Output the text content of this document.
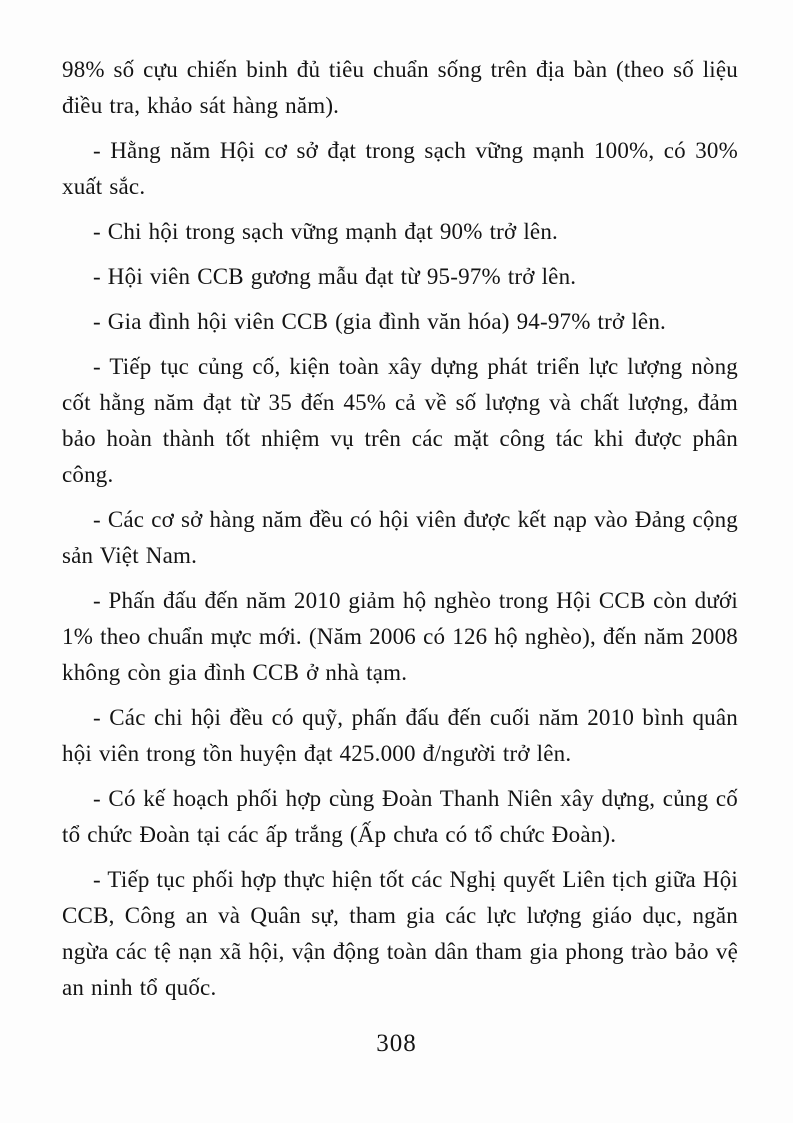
98% số cựu chiến binh đủ tiêu chuẩn sống trên địa bàn (theo số liệu điều tra, khảo sát hàng năm).

- Hằng năm Hội cơ sở đạt trong sạch vững mạnh 100%, có 30% xuất sắc.

- Chi hội trong sạch vững mạnh đạt 90% trở lên.

- Hội viên CCB gương mẫu đạt từ 95-97% trở lên.

- Gia đình hội viên CCB (gia đình văn hóa) 94-97% trở lên.

- Tiếp tục củng cố, kiện toàn xây dựng phát triển lực lượng nòng cốt hằng năm đạt từ 35 đến 45% cả về số lượng và chất lượng, đảm bảo hoàn thành tốt nhiệm vụ trên các mặt công tác khi được phân công.

- Các cơ sở hàng năm đều có hội viên được kết nạp vào Đảng cộng sản Việt Nam.

- Phấn đấu đến năm 2010 giảm hộ nghèo trong Hội CCB còn dưới 1% theo chuẩn mực mới. (Năm 2006 có 126 hộ nghèo), đến năm 2008 không còn gia đình CCB ở nhà tạm.

- Các chi hội đều có quỹ, phấn đấu đến cuối năm 2010 bình quân hội viên trong tồn huyện đạt 425.000 đ/người trở lên.

- Có kế hoạch phối hợp cùng Đoàn Thanh Niên xây dựng, củng cố tổ chức Đoàn tại các ấp trắng (Ấp chưa có tổ chức Đoàn).

- Tiếp tục phối hợp thực hiện tốt các Nghị quyết Liên tịch giữa Hội CCB, Công an và Quân sự, tham gia các lực lượng giáo dục, ngăn ngừa các tệ nạn xã hội, vận động toàn dân tham gia phong trào bảo vệ an ninh tổ quốc.

308
